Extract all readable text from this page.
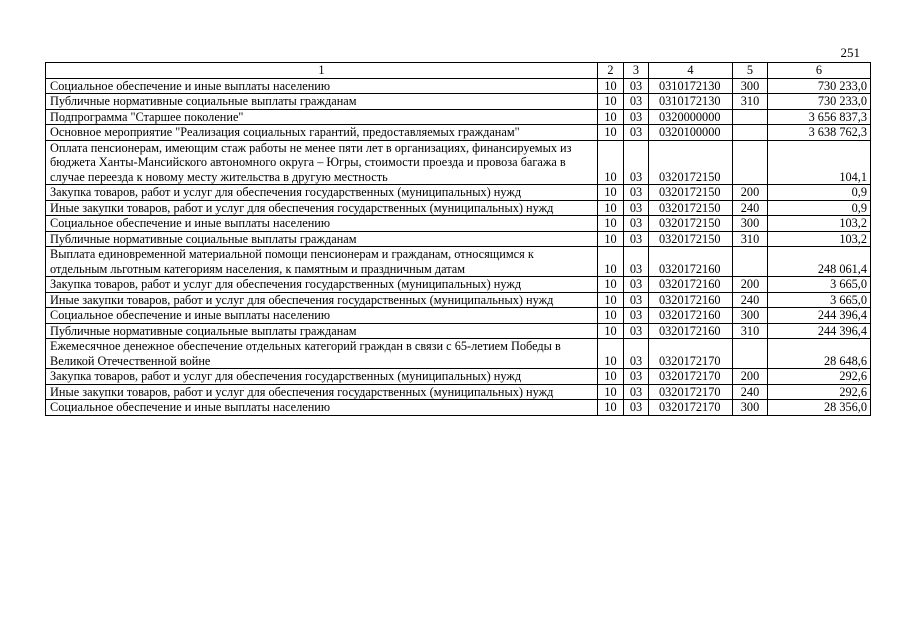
251
1	2	3	4	5	6
Социальное обеспечение и иные выплаты населению	10	03	0310172130	300	730 233,0
Публичные нормативные социальные выплаты гражданам	10	03	0310172130	310	730 233,0
Подпрограмма "Старшее поколение"	10	03	0320000000		3 656 837,3
Основное мероприятие "Реализация социальных гарантий, предоставляемых гражданам"	10	03	0320100000		3 638 762,3
Оплата пенсионерам, имеющим стаж работы не менее пяти лет в организациях, финансируемых из бюджета Ханты-Мансийского автономного округа – Югры, стоимости проезда и провоза багажа в случае переезда к новому месту жительства в другую местность	10	03	0320172150		104,1
Закупка товаров, работ и услуг для обеспечения государственных (муниципальных) нужд	10	03	0320172150	200	0,9
Иные закупки товаров, работ и услуг для обеспечения государственных (муниципальных) нужд	10	03	0320172150	240	0,9
Социальное обеспечение и иные выплаты населению	10	03	0320172150	300	103,2
Публичные нормативные социальные выплаты гражданам	10	03	0320172150	310	103,2
Выплата единовременной материальной помощи пенсионерам и гражданам, относящимся к отдельным льготным категориям населения, к памятным и праздничным датам	10	03	0320172160		248 061,4
Закупка товаров, работ и услуг для обеспечения государственных (муниципальных) нужд	10	03	0320172160	200	3 665,0
Иные закупки товаров, работ и услуг для обеспечения государственных (муниципальных) нужд	10	03	0320172160	240	3 665,0
Социальное обеспечение и иные выплаты населению	10	03	0320172160	300	244 396,4
Публичные нормативные социальные выплаты гражданам	10	03	0320172160	310	244 396,4
Ежемесячное денежное обеспечение отдельных категорий граждан в связи с 65-летием Победы в Великой Отечественной войне	10	03	0320172170		28 648,6
Закупка товаров, работ и услуг для обеспечения государственных (муниципальных) нужд	10	03	0320172170	200	292,6
Иные закупки товаров, работ и услуг для обеспечения государственных (муниципальных) нужд	10	03	0320172170	240	292,6
Социальное обеспечение и иные выплаты населению	10	03	0320172170	300	28 356,0
